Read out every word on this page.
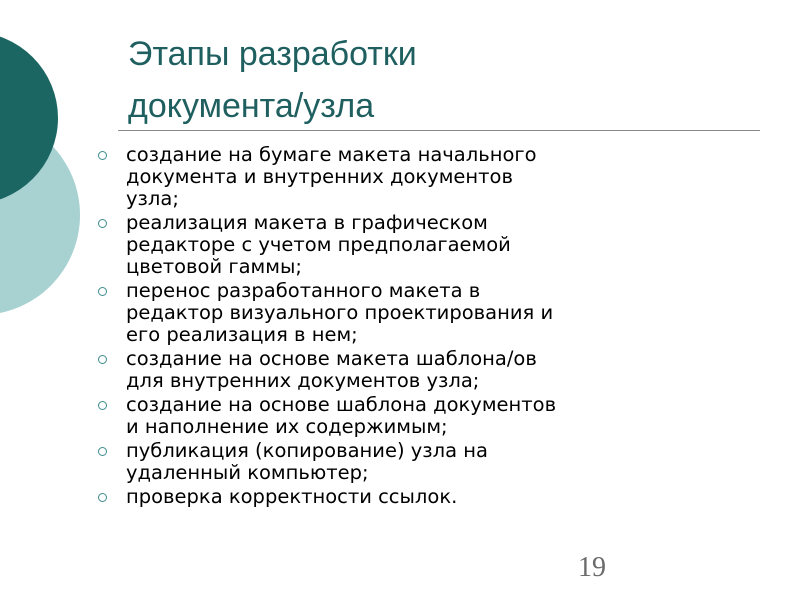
Этапы разработки
документа/узла
создание на бумаге макета начального
документа и внутренних документов
узла;
реализация макета в графическом
редакторе с учетом предполагаемой
цветовой гаммы;
перенос разработанного макета в
редактор визуального проектирования и
его реализация в нем;
создание на основе макета шаблона/ов
для внутренних документов узла;
создание на основе шаблона документов
и наполнение их содержимым;
публикация (копирование) узла на
удаленный компьютер;
проверка корректности ссылок.
19
